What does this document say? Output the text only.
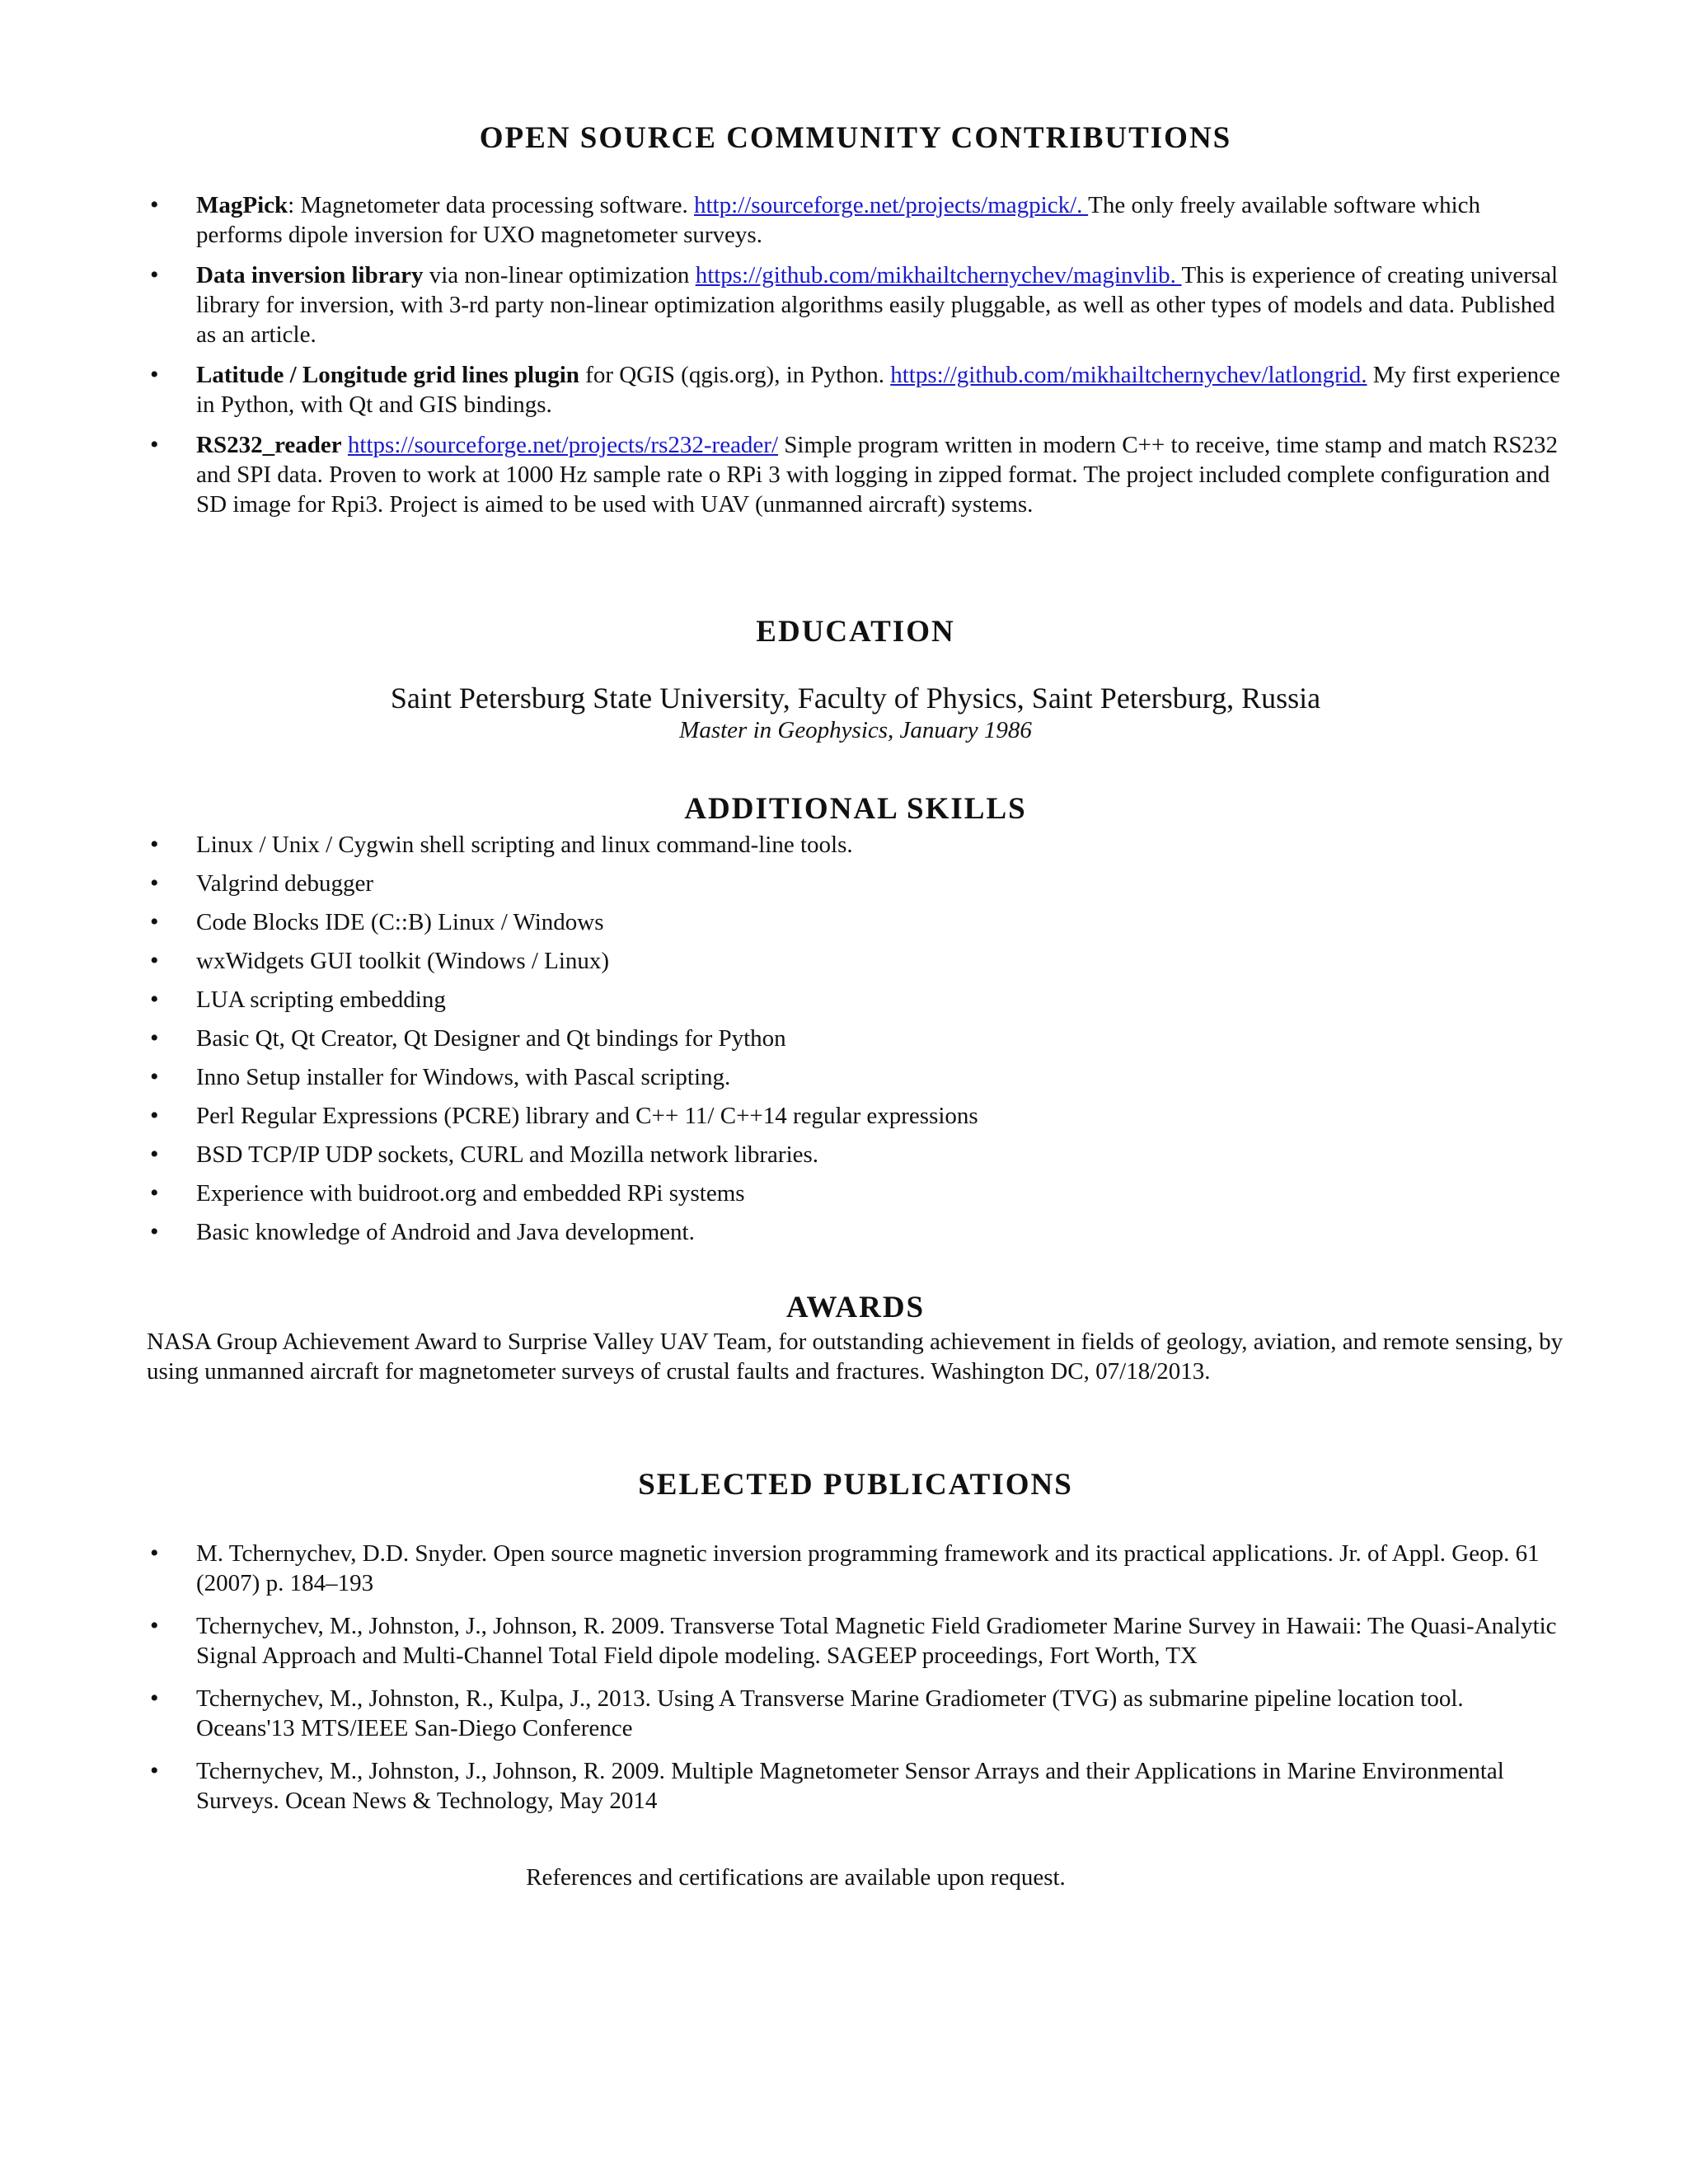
OPEN SOURCE COMMUNITY CONTRIBUTIONS
• MagPick: Magnetometer data processing software. http://sourceforge.net/projects/magpick/. The only freely available software which performs dipole inversion for UXO magnetometer surveys.
• Data inversion library via non-linear optimization https://github.com/mikhailtchernychev/maginvlib. This is experience of creating universal library for inversion, with 3-rd party non-linear optimization algorithms easily pluggable, as well as other types of models and data. Published as an article.
• Latitude / Longitude grid lines plugin for QGIS (qgis.org), in Python. https://github.com/mikhailtchernychev/latlongrid. My first experience in Python, with Qt and GIS bindings.
• RS232_reader https://sourceforge.net/projects/rs232-reader/ Simple program written in modern C++ to receive, time stamp and match RS232 and SPI data. Proven to work at 1000 Hz sample rate o RPi 3 with logging in zipped format. The project included complete configuration and SD image for Rpi3. Project is aimed to be used with UAV (unmanned aircraft) systems.
EDUCATION
Saint Petersburg State University, Faculty of Physics, Saint Petersburg, Russia
Master in Geophysics, January 1986
ADDITIONAL SKILLS
• Linux / Unix / Cygwin shell scripting and linux command-line tools.
• Valgrind debugger
• Code Blocks IDE (C::B) Linux / Windows
• wxWidgets GUI toolkit (Windows / Linux)
• LUA scripting embedding
• Basic Qt, Qt Creator, Qt Designer and Qt bindings for Python
• Inno Setup installer for Windows, with Pascal scripting.
• Perl Regular Expressions (PCRE) library and C++ 11/ C++14 regular expressions
• BSD TCP/IP UDP sockets, CURL and Mozilla network libraries.
• Experience with buidroot.org and embedded RPi systems
• Basic knowledge of Android and Java development.
AWARDS
NASA Group Achievement Award to Surprise Valley UAV Team, for outstanding achievement in fields of geology, aviation, and remote sensing, by using unmanned aircraft for magnetometer surveys of crustal faults and fractures. Washington DC, 07/18/2013.
SELECTED PUBLICATIONS
• M. Tchernychev, D.D. Snyder. Open source magnetic inversion programming framework and its practical applications. Jr. of Appl. Geop. 61 (2007) p. 184–193
• Tchernychev, M., Johnston, J., Johnson, R. 2009. Transverse Total Magnetic Field Gradiometer Marine Survey in Hawaii: The Quasi-Analytic Signal Approach and Multi-Channel Total Field dipole modeling. SAGEEP proceedings, Fort Worth, TX
• Tchernychev, M., Johnston, R., Kulpa, J., 2013. Using A Transverse Marine Gradiometer (TVG) as submarine pipeline location tool. Oceans'13 MTS/IEEE San-Diego Conference
• Tchernychev, M., Johnston, J., Johnson, R. 2009. Multiple Magnetometer Sensor Arrays and their Applications in Marine Environmental Surveys. Ocean News & Technology, May 2014
References and certifications are available upon request.
